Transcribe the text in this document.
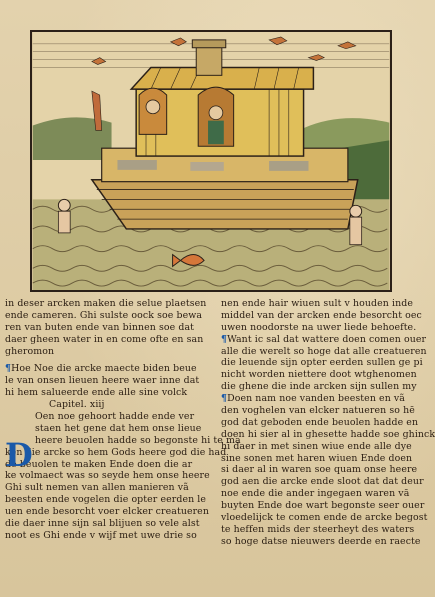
in deser arcken maken die selue plaetsen
ende cameren. Ghi sulste oock soe bewa
ren van buten ende van binnen soe dat
daer gheen water in en come ofte en san
gheromon
¶Hoe Noe die arcke maecte biden beue
le van onsen lieuen heere waer inne dat
hi hem salueerde ende alle sine volck
Capitel. xiij
Oen noe gehoort hadde ende ver
staen het gene dat hem onse lieue
heere beuolen hadde so begonste hi te ma
ken die arcke so hem Gods heere god die had
de beuolen te maken Ende doen die ar
ke volmaect was so seyde hem onse heere
Ghi sult nemen van allen manieren vã
beesten ende vogelen die opter eerden le
uen ende besorcht voer elcker creatueren
die daer inne sijn sal blijuen so vele alst
noot es Ghi ende v wijf met uwe drie so
D
nen ende hair wiuen sult v houden inde
middel van der arcken ende besorcht oec
uwen noodorste na uwer liede behoefte.
¶Want ic sal dat wattere doen comen ouer
alle die werelt so hoge dat alle creatueren
die leuende sijn opter eerden sullen ge pi
nicht worden niettere doot wtghenomen
die ghene die inde arcken sijn sullen my
¶Doen nam noe vanden beesten en vã
den voghelen van elcker natueren so hē
god dat geboden ende beuolen hadde en
doen hi sier al in ghesette hadde soe ghinck
hi daer in met sinen wiue ende alle dye
sine sonen met haren wiuen Ende doen
si daer al in waren soe quam onse heere
god aen die arcke ende sloot dat dat deur
noe ende die ander ingegaen waren vā
buyten Ende doe wart begonste seer ouer
vloedelijck te comen ende de arcke begost
te heffen mids der steerheyt des waters
so hoge datse nieuwers deerde en raecte
